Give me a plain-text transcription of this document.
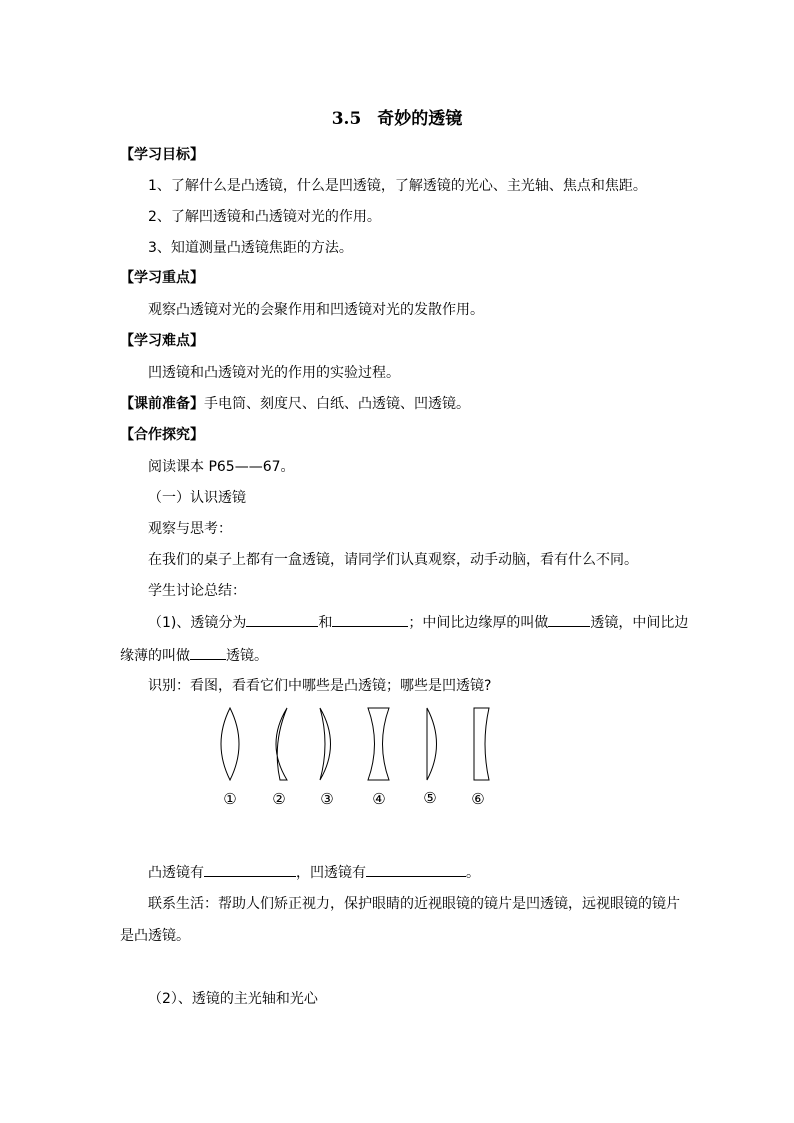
3.5 奇妙的透镜
【学习目标】
1、了解什么是凸透镜，什么是凹透镜，了解透镜的光心、主光轴、焦点和焦距。
2、了解凹透镜和凸透镜对光的作用。
3、知道测量凸透镜焦距的方法。
【学习重点】
观察凸透镜对光的会聚作用和凹透镜对光的发散作用。
【学习难点】
凹透镜和凸透镜对光的作用的实验过程。
【课前准备】手电筒、刻度尺、白纸、凸透镜、凹透镜。
【合作探究】
阅读课本 P65——67。
（一）认识透镜
观察与思考：
在我们的桌子上都有一盒透镜，请同学们认真观察，动手动脑，看有什么不同。
学生讨论总结：
（1)、透镜分为	和	；中间比边缘厚的叫做	透镜，中间比边
缘薄的叫做	透镜。
识别：看图，看看它们中哪些是凸透镜；哪些是凹透镜?
① ② ③	④	⑤ ⑥
凸透镜有	，凹透镜有	。
联系生活：帮助人们矫正视力，保护眼睛的近视眼镜的镜片是凹透镜，远视眼镜的镜片
是凸透镜。
（2）、透镜的主光轴和光心
